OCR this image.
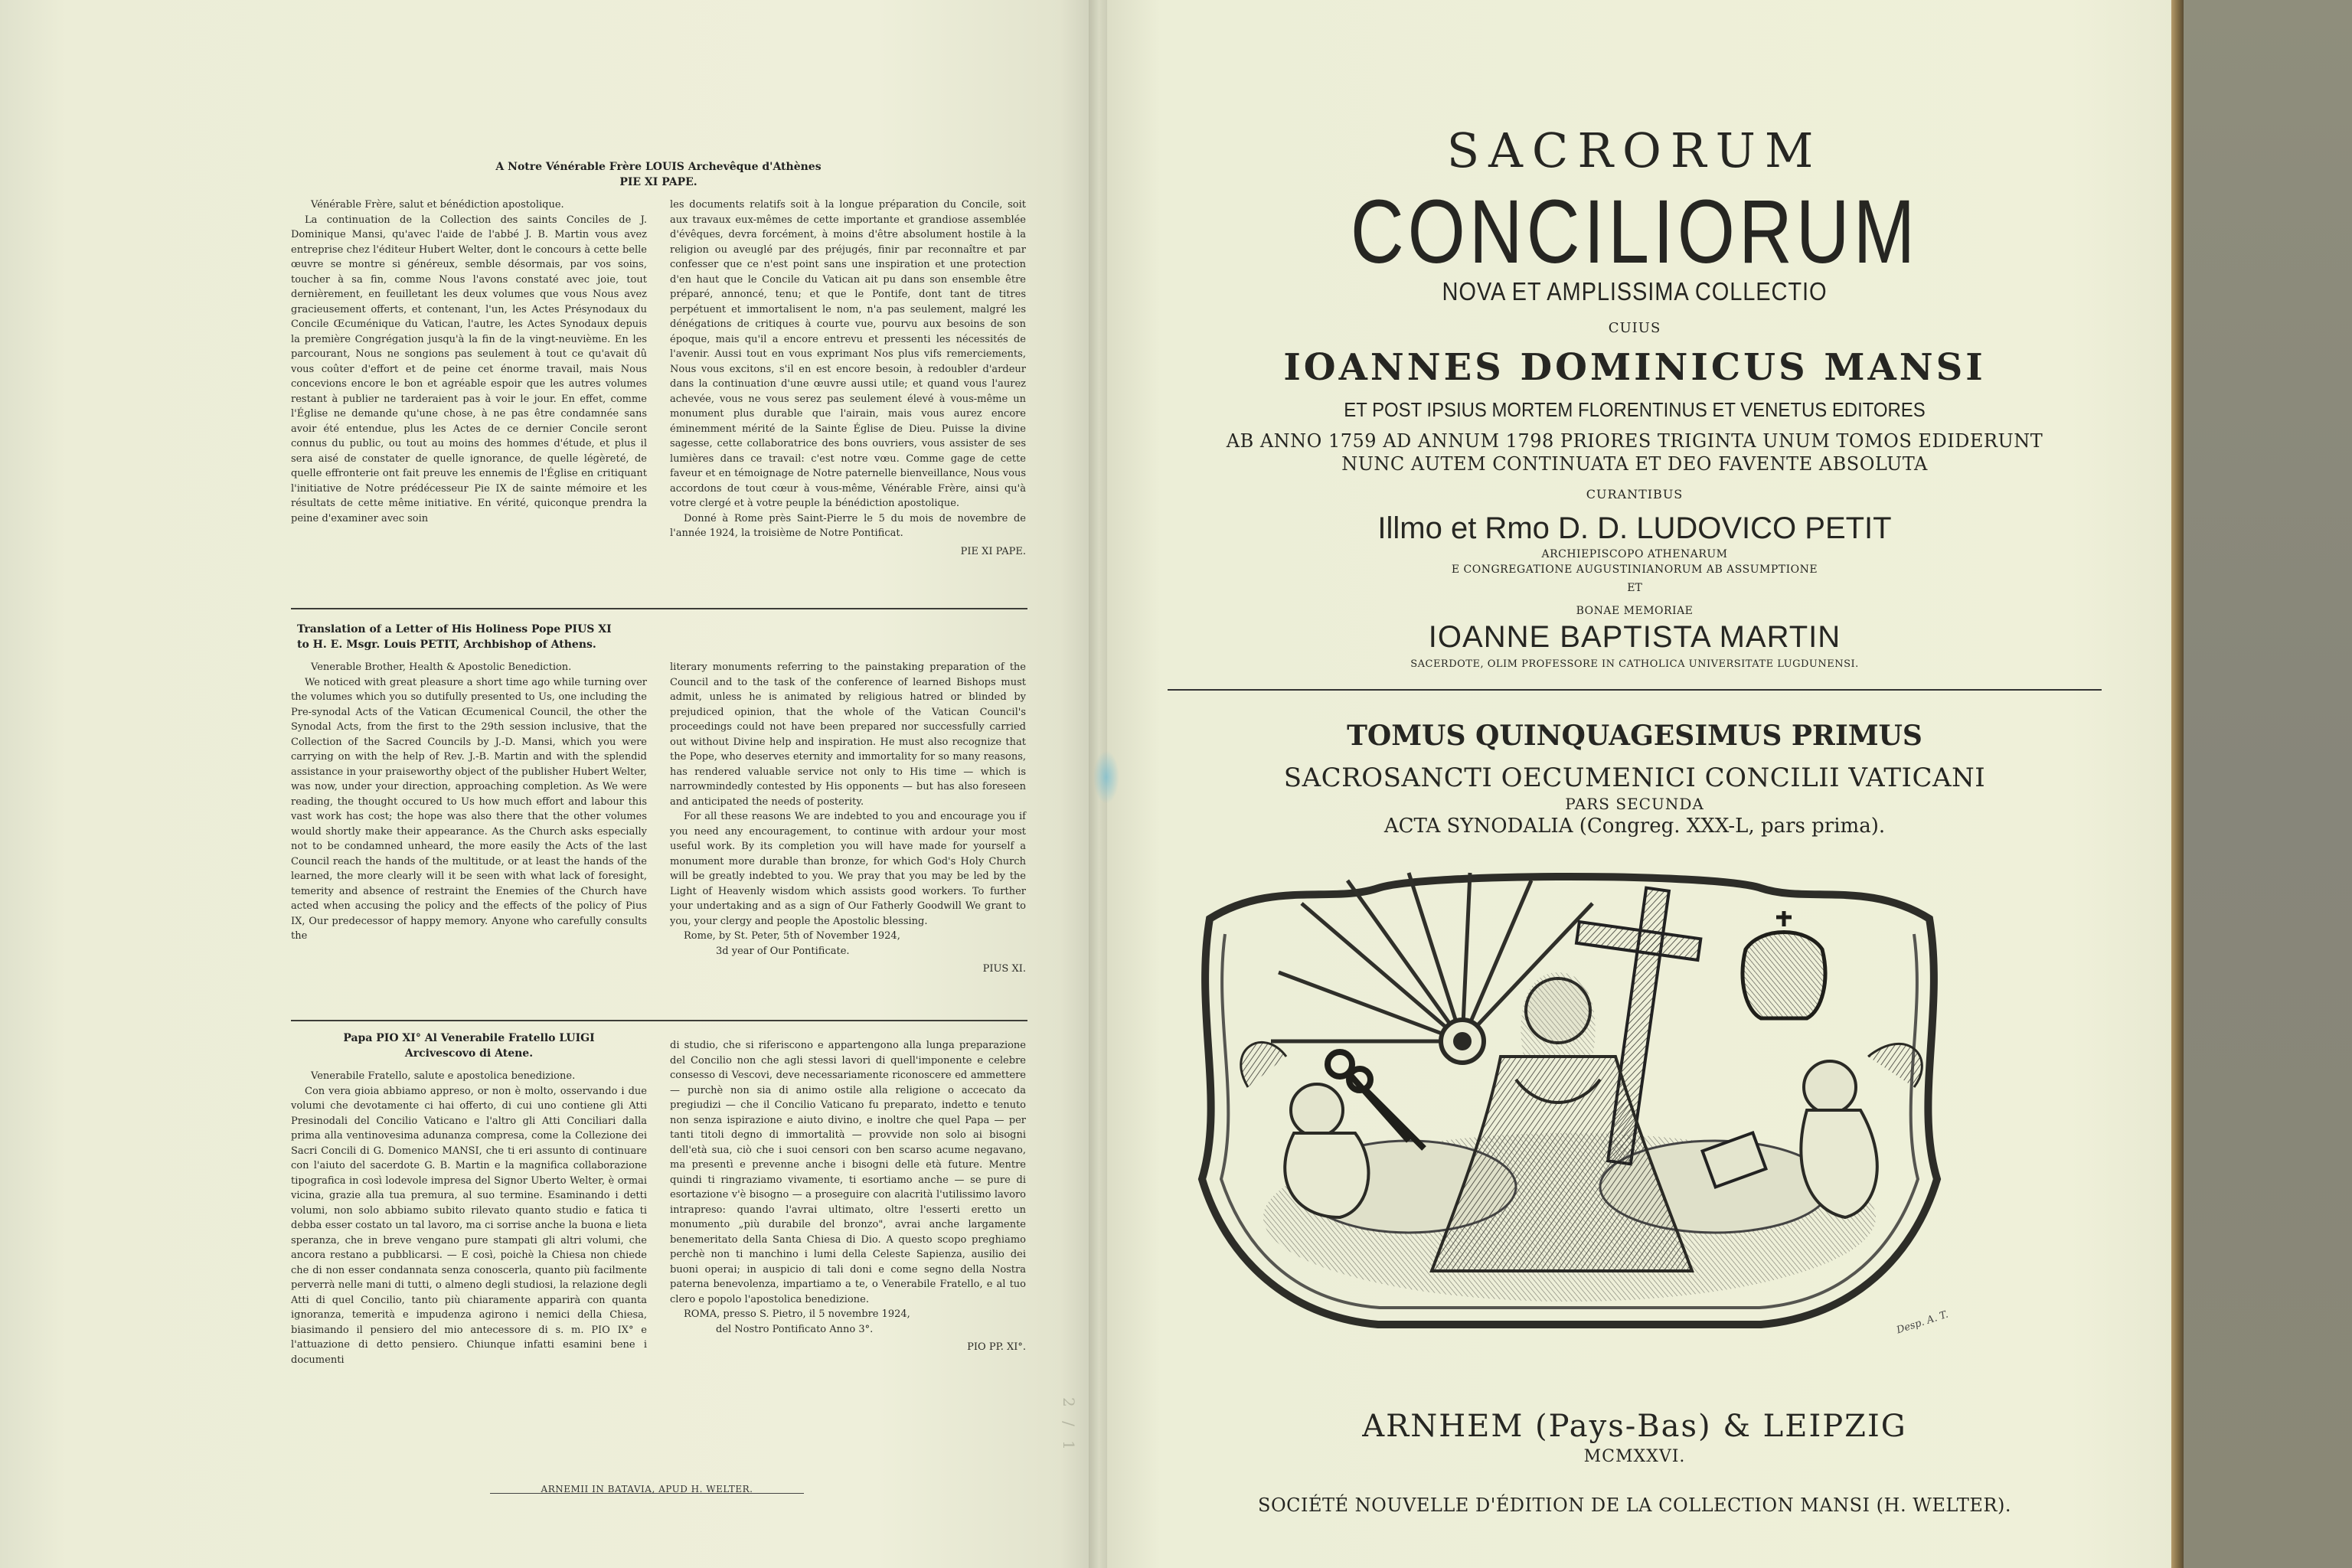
A Notre Vénérable Frère LOUIS Archevêque d'Athènes
PIE XI PAPE.

Vénérable Frère, salut et bénédiction apostolique.

La continuation de la Collection des saints Conciles de J. Dominique Mansi, qu'avec l'aide de l'abbé J. B. Martin vous avez entreprise chez l'éditeur Hubert Welter, dont le concours à cette belle œuvre se montre si généreux, semble désormais, par vos soins, toucher à sa fin, comme Nous l'avons constaté avec joie, tout dernièrement, en feuilletant les deux volumes que vous Nous avez gracieusement offerts, et contenant, l'un, les Actes Présynodaux du Concile Œcuménique du Vatican, l'autre, les Actes Synodaux depuis la première Congrégation jusqu'à la fin de la vingt-neuvième. En les parcourant, Nous ne songions pas seulement à tout ce qu'avait dû vous coûter d'effort et de peine cet énorme travail, mais Nous concevions encore le bon et agréable espoir que les autres volumes restant à publier ne tarderaient pas à voir le jour. En effet, comme l'Église ne demande qu'une chose, à ne pas être condamnée sans avoir été entendue, plus les Actes de ce dernier Concile seront connus du public, ou tout au moins des hommes d'étude, et plus il sera aisé de constater de quelle ignorance, de quelle légèreté, de quelle effronterie ont fait preuve les ennemis de l'Église en critiquant l'initiative de Notre prédécesseur Pie IX de sainte mémoire et les résultats de cette même initiative. En vérité, quiconque prendra la peine d'examiner avec soin

les documents relatifs soit à la longue préparation du Concile, soit aux travaux eux-mêmes de cette importante et grandiose assemblée d'évêques, devra forcément, à moins d'être absolument hostile à la religion ou aveuglé par des préjugés, finir par reconnaître et par confesser que ce n'est point sans une inspiration et une protection d'en haut que le Concile du Vatican ait pu dans son ensemble être préparé, annoncé, tenu; et que le Pontife, dont tant de titres perpétuent et immortalisent le nom, n'a pas seulement, malgré les dénégations de critiques à courte vue, pourvu aux besoins de son époque, mais qu'il a encore entrevu et pressenti les nécessités de l'avenir. Aussi tout en vous exprimant Nos plus vifs remerciements, Nous vous excitons, s'il en est encore besoin, à redoubler d'ardeur dans la continuation d'une œuvre aussi utile; et quand vous l'aurez achevée, vous ne vous serez pas seulement élevé à vous-même un monument plus durable que l'airain, mais vous aurez encore éminemment mérité de la Sainte Église de Dieu. Puisse la divine sagesse, cette collaboratrice des bons ouvriers, vous assister de ses lumières dans ce travail: c'est notre vœu. Comme gage de cette faveur et en témoignage de Notre paternelle bienveillance, Nous vous accordons de tout cœur à vous-même, Vénérable Frère, ainsi qu'à votre clergé et à votre peuple la bénédiction apostolique.

Donné à Rome près Saint-Pierre le 5 du mois de novembre de l'année 1924, la troisième de Notre Pontificat.

PIE XI PAPE.
Translation of a Letter of His Holiness Pope PIUS XI
to H. E. Msgr. Louis PETIT, Archbishop of Athens.

Venerable Brother, Health & Apostolic Benediction.

We noticed with great pleasure a short time ago while turning over the volumes which you so dutifully presented to Us, one including the Pre-synodal Acts of the Vatican Œcumenical Council, the other the Synodal Acts, from the first to the 29th session inclusive, that the Collection of the Sacred Councils by J.-D. Mansi, which you were carrying on with the help of Rev. J.-B. Martin and with the splendid assistance in your praiseworthy object of the publisher Hubert Welter, was now, under your direction, approaching completion. As We were reading, the thought occured to Us how much effort and labour this vast work has cost; the hope was also there that the other volumes would shortly make their appearance. As the Church asks especially not to be condamned unheard, the more easily the Acts of the last Council reach the hands of the multitude, or at least the hands of the learned, the more clearly will it be seen with what lack of foresight, temerity and absence of restraint the Enemies of the Church have acted when accusing the policy and the effects of the policy of Pius IX, Our predecessor of happy memory. Anyone who carefully consults the

literary monuments referring to the painstaking preparation of the Council and to the task of the conference of learned Bishops must admit, unless he is animated by religious hatred or blinded by prejudiced opinion, that the whole of the Vatican Council's proceedings could not have been prepared nor successfully carried out without Divine help and inspiration. He must also recognize that the Pope, who deserves eternity and immortality for so many reasons, has rendered valuable service not only to His time — which is narrowmindedly contested by His opponents — but has also foreseen and anticipated the needs of posterity.

For all these reasons We are indebted to you and encourage you if you need any encouragement, to continue with ardour your most useful work. By its completion you will have made for yourself a monument more durable than bronze, for which God's Holy Church will be greatly indebted to you. We pray that you may be led by the Light of Heavenly wisdom which assists good workers. To further your undertaking and as a sign of Our Fatherly Goodwill We grant to you, your clergy and people the Apostolic blessing.

Rome, by St. Peter, 5th of November 1924,

3d year of Our Pontificate.

PIUS XI.
Papa PIO XI° Al Venerabile Fratello LUIGI
Arcivescovo di Atene.

Venerabile Fratello, salute e apostolica benedizione.

Con vera gioia abbiamo appreso, or non è molto, osservando i due volumi che devotamente ci hai offerto, di cui uno contiene gli Atti Presinodali del Concilio Vaticano e l'altro gli Atti Conciliari dalla prima alla ventinovesima adunanza compresa, come la Collezione dei Sacri Concili di G. Domenico MANSI, che ti eri assunto di continuare con l'aiuto del sacerdote G. B. Martin e la magnifica collaborazione tipografica in così lodevole impresa del Signor Uberto Welter, è ormai vicina, grazie alla tua premura, al suo termine. Esaminando i detti volumi, non solo abbiamo subito rilevato quanto studio e fatica ti debba esser costato un tal lavoro, ma ci sorrise anche la buona e lieta speranza, che in breve vengano pure stampati gli altri volumi, che ancora restano a pubblicarsi. — E così, poichè la Chiesa non chiede che di non esser condannata senza conoscerla, quanto più facilmente perverrà nelle mani di tutti, o almeno degli studiosi, la relazione degli Atti di quel Concilio, tanto più chiaramente apparirà con quanta ignoranza, temerità e impudenza agirono i nemici della Chiesa, biasimando il pensiero del mio antecessore di s. m. PIO IX° e l'attuazione di detto pensiero. Chiunque infatti esamini bene i documenti

di studio, che si riferiscono e appartengono alla lunga preparazione del Concilio non che agli stessi lavori di quell'imponente e celebre consesso di Vescovi, deve necessariamente riconoscere ed ammettere — purchè non sia di animo ostile alla religione o accecato da pregiudizi — che il Concilio Vaticano fu preparato, indetto e tenuto non senza ispirazione e aiuto divino, e inoltre che quel Papa — per tanti titoli degno di immortalità — provvide non solo ai bisogni dell'età sua, ciò che i suoi censori con ben scarso acume negavano, ma presentì e prevenne anche i bisogni delle età future. Mentre quindi ti ringraziamo vivamente, ti esortiamo anche — se pure di esortazione v'è bisogno — a proseguire con alacrità l'utilissimo lavoro intrapreso: quando l'avrai ultimato, oltre l'esserti eretto un monumento „più durabile del bronzo", avrai anche largamente benemeritato della Santa Chiesa di Dio. A questo scopo preghiamo perchè non ti manchino i lumi della Celeste Sapienza, ausilio dei buoni operai; in auspicio di tali doni e come segno della Nostra paterna benevolenza, impartiamo a te, o Venerabile Fratello, e al tuo clero e popolo l'apostolica benedizione.

ROMA, presso S. Pietro, il 5 novembre 1924,

del Nostro Pontificato Anno 3°.

PIO PP. XI°.
ARNEMII IN BATAVIA, APUD H. WELTER.
2 / 1
SACRORUM
CONCILIORUM
NOVA ET AMPLISSIMA COLLECTIO
CUIUS
IOANNES DOMINICUS MANSI
ET POST IPSIUS MORTEM FLORENTINUS ET VENETUS EDITORES
AB ANNO 1759 AD ANNUM 1798 PRIORES TRIGINTA UNUM TOMOS EDIDERUNT
NUNC AUTEM CONTINUATA ET DEO FAVENTE ABSOLUTA
CURANTIBUS
Illmo et Rmo D. D. LUDOVICO PETIT
ARCHIEPISCOPO ATHENARUM
E CONGREGATIONE AUGUSTINIANORUM AB ASSUMPTIONE
ET
BONAE MEMORIAE
IOANNE BAPTISTA MARTIN
SACERDOTE, OLIM PROFESSORE IN CATHOLICA UNIVERSITATE LUGDUNENSI.
TOMUS QUINQUAGESIMUS PRIMUS
SACROSANCTI OECUMENICI CONCILII VATICANI
PARS SECUNDA
ACTA SYNODALIA (Congreg. XXX-L, pars prima).
Desp. A. T.
ARNHEM (Pays-Bas) & LEIPZIG
MCMXXVI.
SOCIÉTÉ NOUVELLE D'ÉDITION DE LA COLLECTION MANSI (H. WELTER).
